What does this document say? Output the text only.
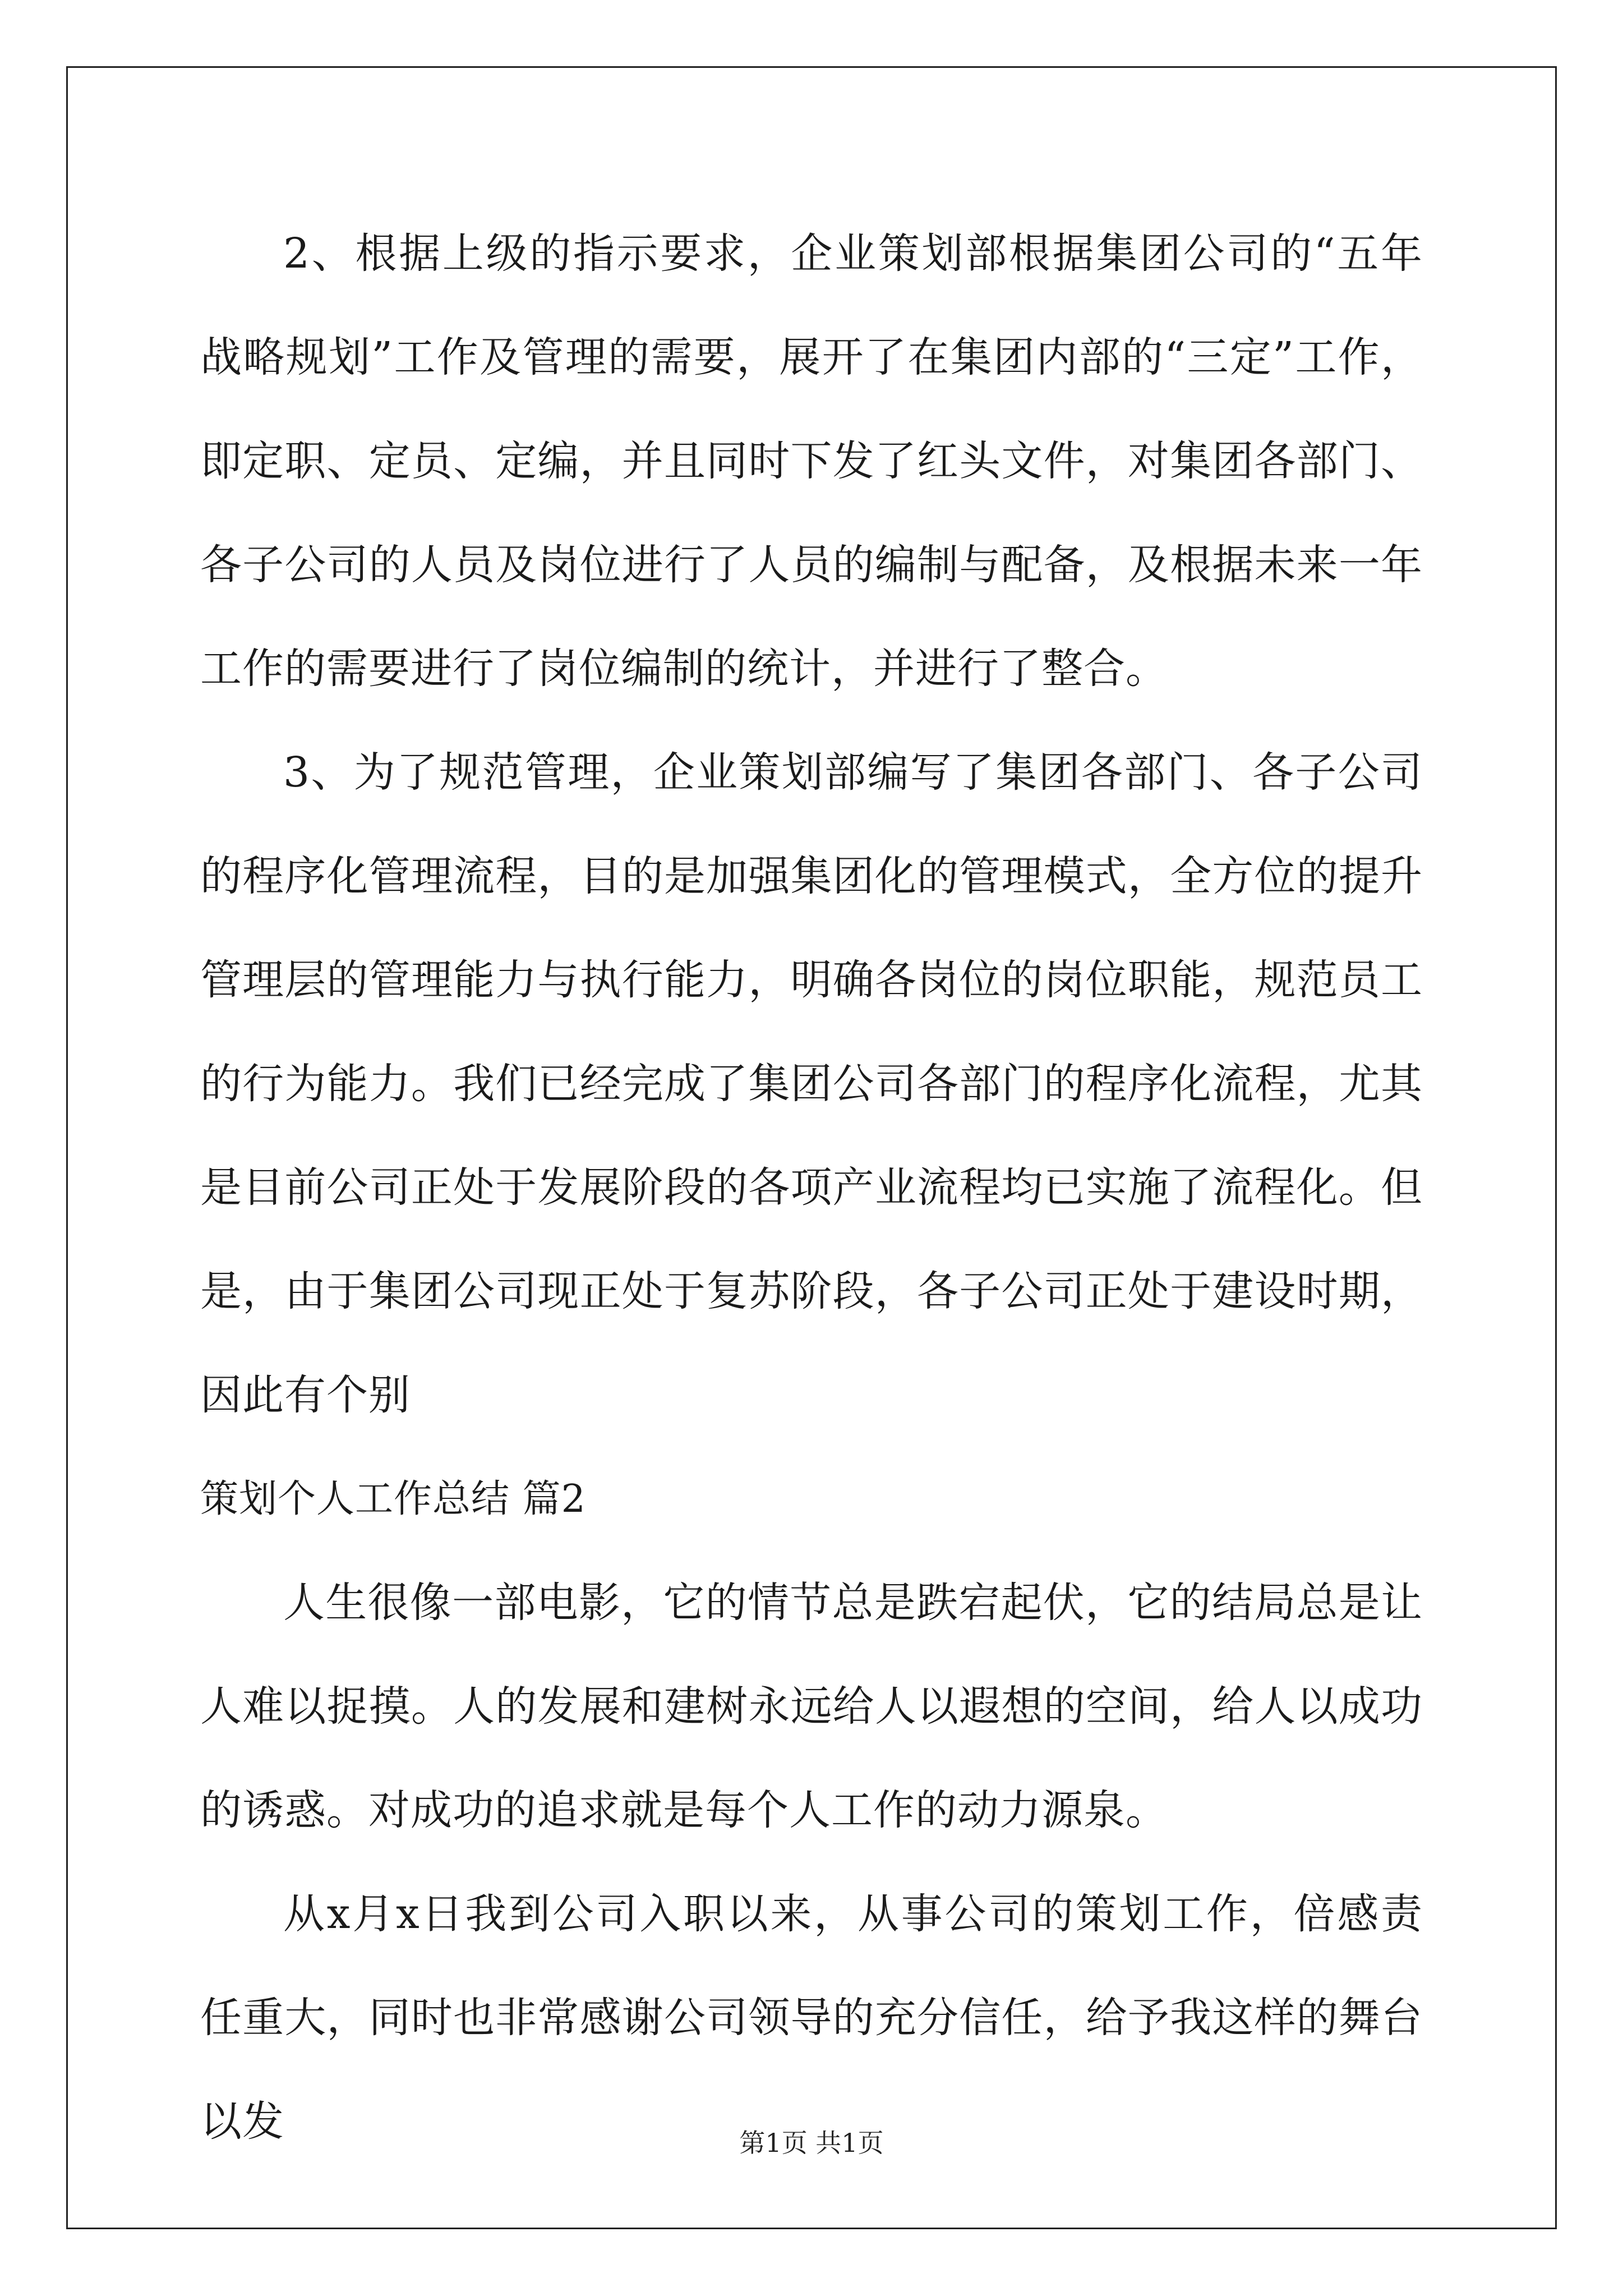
2、根据上级的指示要求，企业策划部根据集团公司的“五年战略规划”工作及管理的需要，展开了在集团内部的“三定”工作，即定职、定员、定编，并且同时下发了红头文件，对集团各部门、各子公司的人员及岗位进行了人员的编制与配备，及根据未来一年工作的需要进行了岗位编制的统计，并进行了整合。

3、为了规范管理，企业策划部编写了集团各部门、各子公司的程序化管理流程，目的是加强集团化的管理模式，全方位的提升管理层的管理能力与执行能力，明确各岗位的岗位职能，规范员工的行为能力。我们已经完成了集团公司各部门的程序化流程，尤其是目前公司正处于发展阶段的各项产业流程均已实施了流程化。但是，由于集团公司现正处于复苏阶段，各子公司正处于建设时期，因此有个别

策划个人工作总结 篇2

人生很像一部电影，它的情节总是跌宕起伏，它的结局总是让人难以捉摸。人的发展和建树永远给人以遐想的空间，给人以成功的诱惑。对成功的追求就是每个人工作的动力源泉。

从x月x日我到公司入职以来，从事公司的策划工作，倍感责任重大，同时也非常感谢公司领导的充分信任，给予我这样的舞台以发	第1页 共1页
